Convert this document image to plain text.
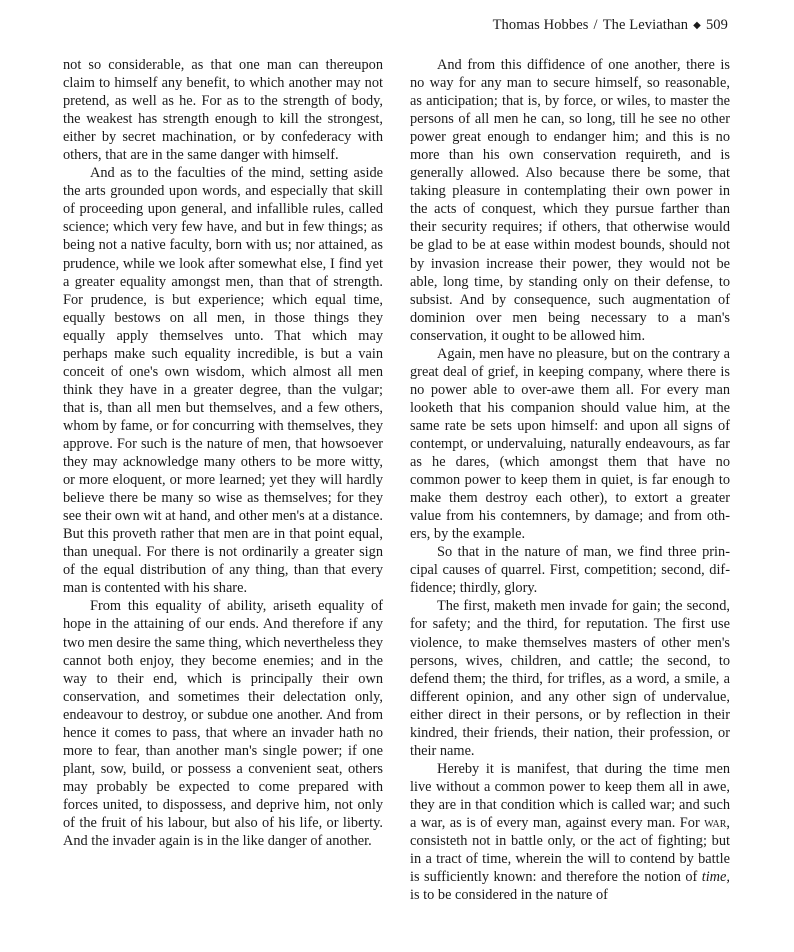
Thomas Hobbes / The Leviathan ◆ 509

not so considerable, as that one man can thereupon claim to himself any benefit, to which another may not pretend, as well as he. For as to the strength of body, the weakest has strength enough to kill the strongest, either by secret machination, or by confederacy with others, that are in the same danger with himself.

And as to the faculties of the mind, setting aside the arts grounded upon words, and especially that skill of proceeding upon general, and infallible rules, called science; which very few have, and but in few things; as being not a native faculty, born with us; nor attained, as prudence, while we look after somewhat else, I find yet a greater equality amongst men, than that of strength. For prudence, is but experience; which equal time, equally bestows on all men, in those things they equally apply themselves unto. That which may perhaps make such equality incredible, is but a vain conceit of one's own wisdom, which almost all men think they have in a greater degree, than the vulgar; that is, than all men but themselves, and a few others, whom by fame, or for concurring with themselves, they approve. For such is the nature of men, that howsoever they may acknowledge many others to be more witty, or more eloquent, or more learned; yet they will hardly believe there be many so wise as themselves; for they see their own wit at hand, and other men's at a distance. But this proveth rather that men are in that point equal, than unequal. For there is not ordinarily a greater sign of the equal distribution of any thing, than that every man is contented with his share.

From this equality of ability, ariseth equality of hope in the attaining of our ends. And therefore if any two men desire the same thing, which nevertheless they cannot both enjoy, they become enemies; and in the way to their end, which is principally their own conservation, and sometimes their delectation only, endeavour to destroy, or subdue one another. And from hence it comes to pass, that where an invader hath no more to fear, than another man's single power; if one plant, sow, build, or possess a convenient seat, others may probably be expected to come prepared with forces united, to dispossess, and deprive him, not only of the fruit of his labour, but also of his life, or liberty. And the invader again is in the like danger of another.

And from this diffidence of one another, there is no way for any man to secure himself, so reasonable, as anticipation; that is, by force, or wiles, to master the persons of all men he can, so long, till he see no other power great enough to endanger him; and this is no more than his own conservation requireth, and is generally allowed. Also because there be some, that taking pleasure in contemplating their own power in the acts of conquest, which they pursue farther than their security requires; if others, that otherwise would be glad to be at ease within modest bounds, should not by invasion increase their power, they would not be able, long time, by standing only on their defense, to subsist. And by consequence, such augmentation of dominion over men being necessary to a man's conservation, it ought to be allowed him.

Again, men have no pleasure, but on the contrary a great deal of grief, in keeping company, where there is no power able to over-awe them all. For every man looketh that his companion should value him, at the same rate be sets upon himself: and upon all signs of contempt, or undervaluing, naturally endeavours, as far as he dares, (which amongst them that have no common power to keep them in quiet, is far enough to make them destroy each other), to extort a greater value from his contemners, by damage; and from others, by the example.

So that in the nature of man, we find three principal causes of quarrel. First, competition; second, diffidence; thirdly, glory.

The first, maketh men invade for gain; the second, for safety; and the third, for reputation. The first use violence, to make themselves masters of other men's persons, wives, children, and cattle; the second, to defend them; the third, for trifles, as a word, a smile, a different opinion, and any other sign of undervalue, either direct in their persons, or by reflection in their kindred, their friends, their nation, their profession, or their name.

Hereby it is manifest, that during the time men live without a common power to keep them all in awe, they are in that condition which is called war; and such a war, as is of every man, against every man. For war, consisteth not in battle only, or the act of fighting; but in a tract of time, wherein the will to contend by battle is sufficiently known: and therefore the notion of time, is to be considered in the nature of
